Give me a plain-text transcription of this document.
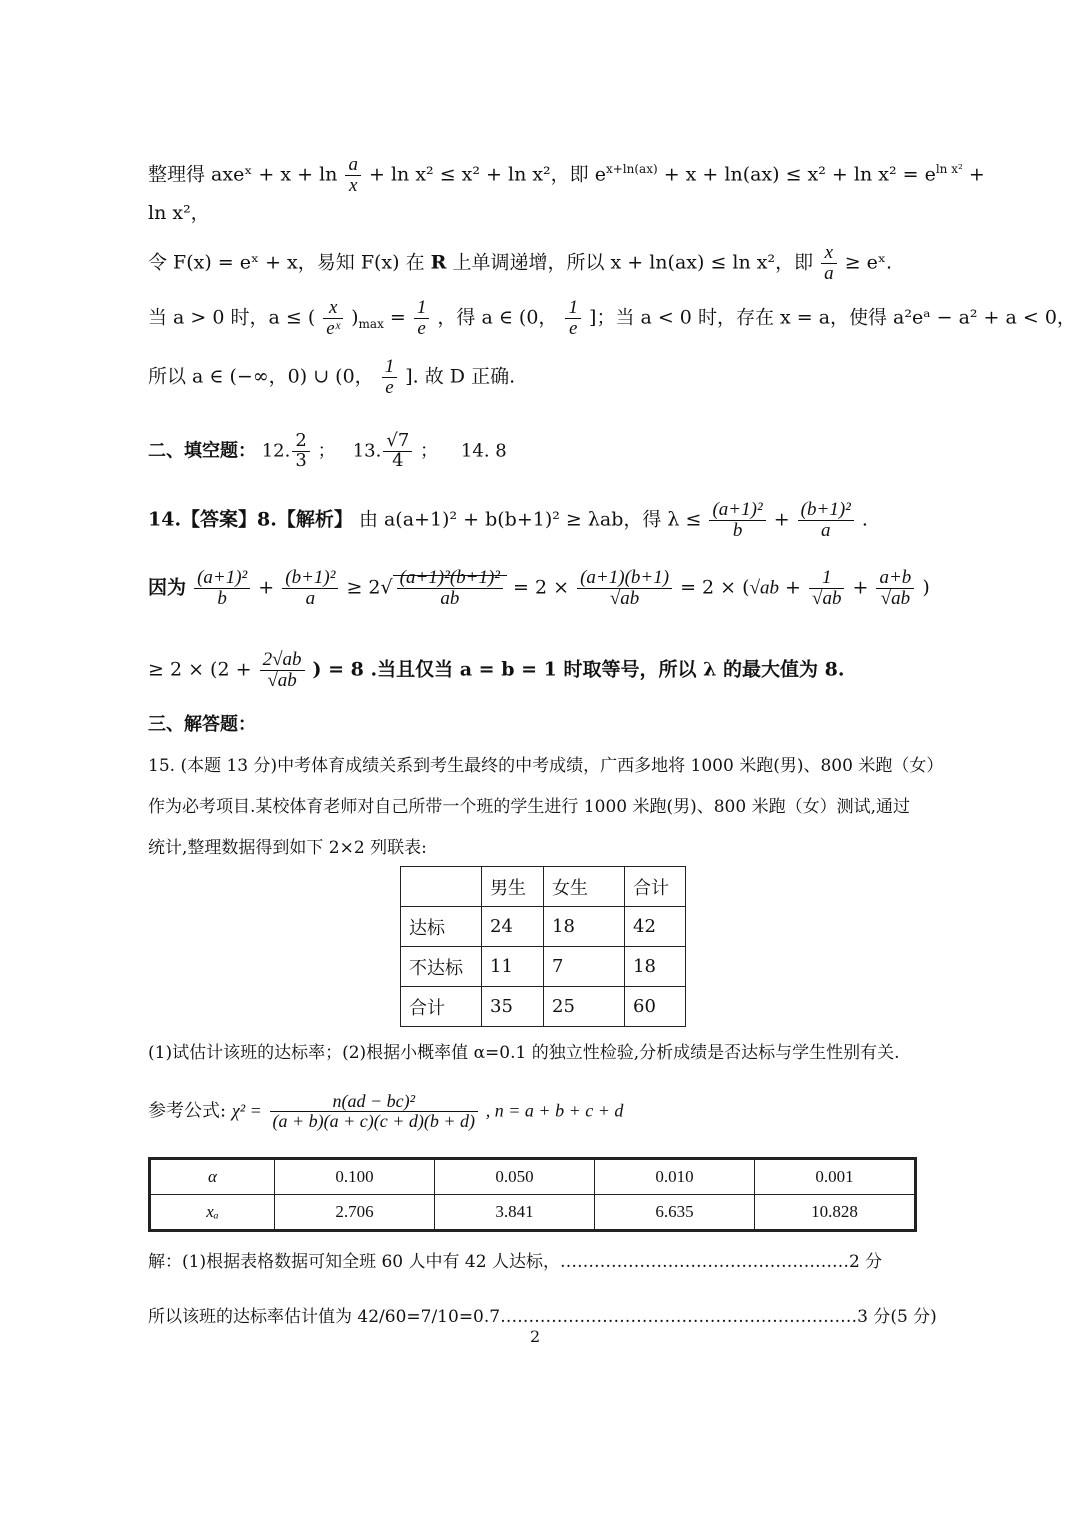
整理得 axeˣ + $x + \ln \frac{a}{x} + \ln x^2 \le x^2 + \ln x^2$，即 $e^{x+ln(ax)} + x + \ln(ax) \le x^2 + \ln x^2 = e^{ln x^2}$ +
ln x²，
令 F(x) = eˣ + x，易知 F(x) 在 R 上单调递增，所以 x + ln(ax) ≤ ln x²，即 $\frac{x}{a}$ ≥ eˣ.
当 a > 0 时，a ≤ ( $\frac{x}{\text{eˣ}} )_{max} = \frac{1}{e}$ ，得 a ∈ (0， $\frac{1}{e}$ ]；当 a < 0 时，存在 x = a，使得 a²eᵃ − a² + a < 0，
所以 a ∈ (−∞，0) ∪ (0， $\frac{1}{e}$ ]. 故 D 正确.
二、填空题： 12. $\frac{2}{3}$ ； 13. $\frac{√7}{4}$ ； 14. 8
14.【答案】8.【解析】 由 a(a+1)² + b(b+1)² ≥ λab，得 $\lambda \le \frac{\text{(a+1)²}}{b} + \frac{\text{(b+1)²}}{a}$ .
因为 $\frac{\text{(a+1)²}}{b} + \frac{\text{(b+1)²}}{a} \ge 2√ \frac{\text{(a+1)²(b+1)²}}{ab} = 2 \times \frac{(a+1)(b+1)}{√ab} = 2 \times (√ab + \frac{1}{√ab} + \frac{a+b}{√ab}$ )
≥ $2 \times (2 + \frac{2√ab}{√ab}$ ) = 8 .当且仅当 a = b = 1 时取等号，所以 λ 的最大值为 8.
三、解答题：
15. (本题 13 分)中考体育成绩关系到考生最终的中考成绩，广西多地将 1000 米跑(男)、800 米跑（女）
作为必考项目.某校体育老师对自己所带一个班的学生进行 1000 米跑(男)、800 米跑（女）测试,通过
统计,整理数据得到如下 2×2 列联表:
	男生	女生	合计
达标	24	18	42
不达标	11	7	18
合计	35	25	60
(1)试估计该班的达标率；(2)根据小概率值 α=0.1 的独立性检验,分析成绩是否达标与学生性别有关.
参考公式: $\chi^2 = \frac{\text{n(ad − bc)²}}{(a + b)(a + c)(c + d)(b + d)}$ , n = a + b + c + d
α	0.100	0.050	0.010	0.001
xₐ	2.706	3.841	6.635	10.828
解：(1)根据表格数据可知全班 60 人中有 42 人达标，……………………………………………2 分
所以该班的达标率估计值为 42/60=7/10=0.7………………………………………………………3 分(5 分)
2
